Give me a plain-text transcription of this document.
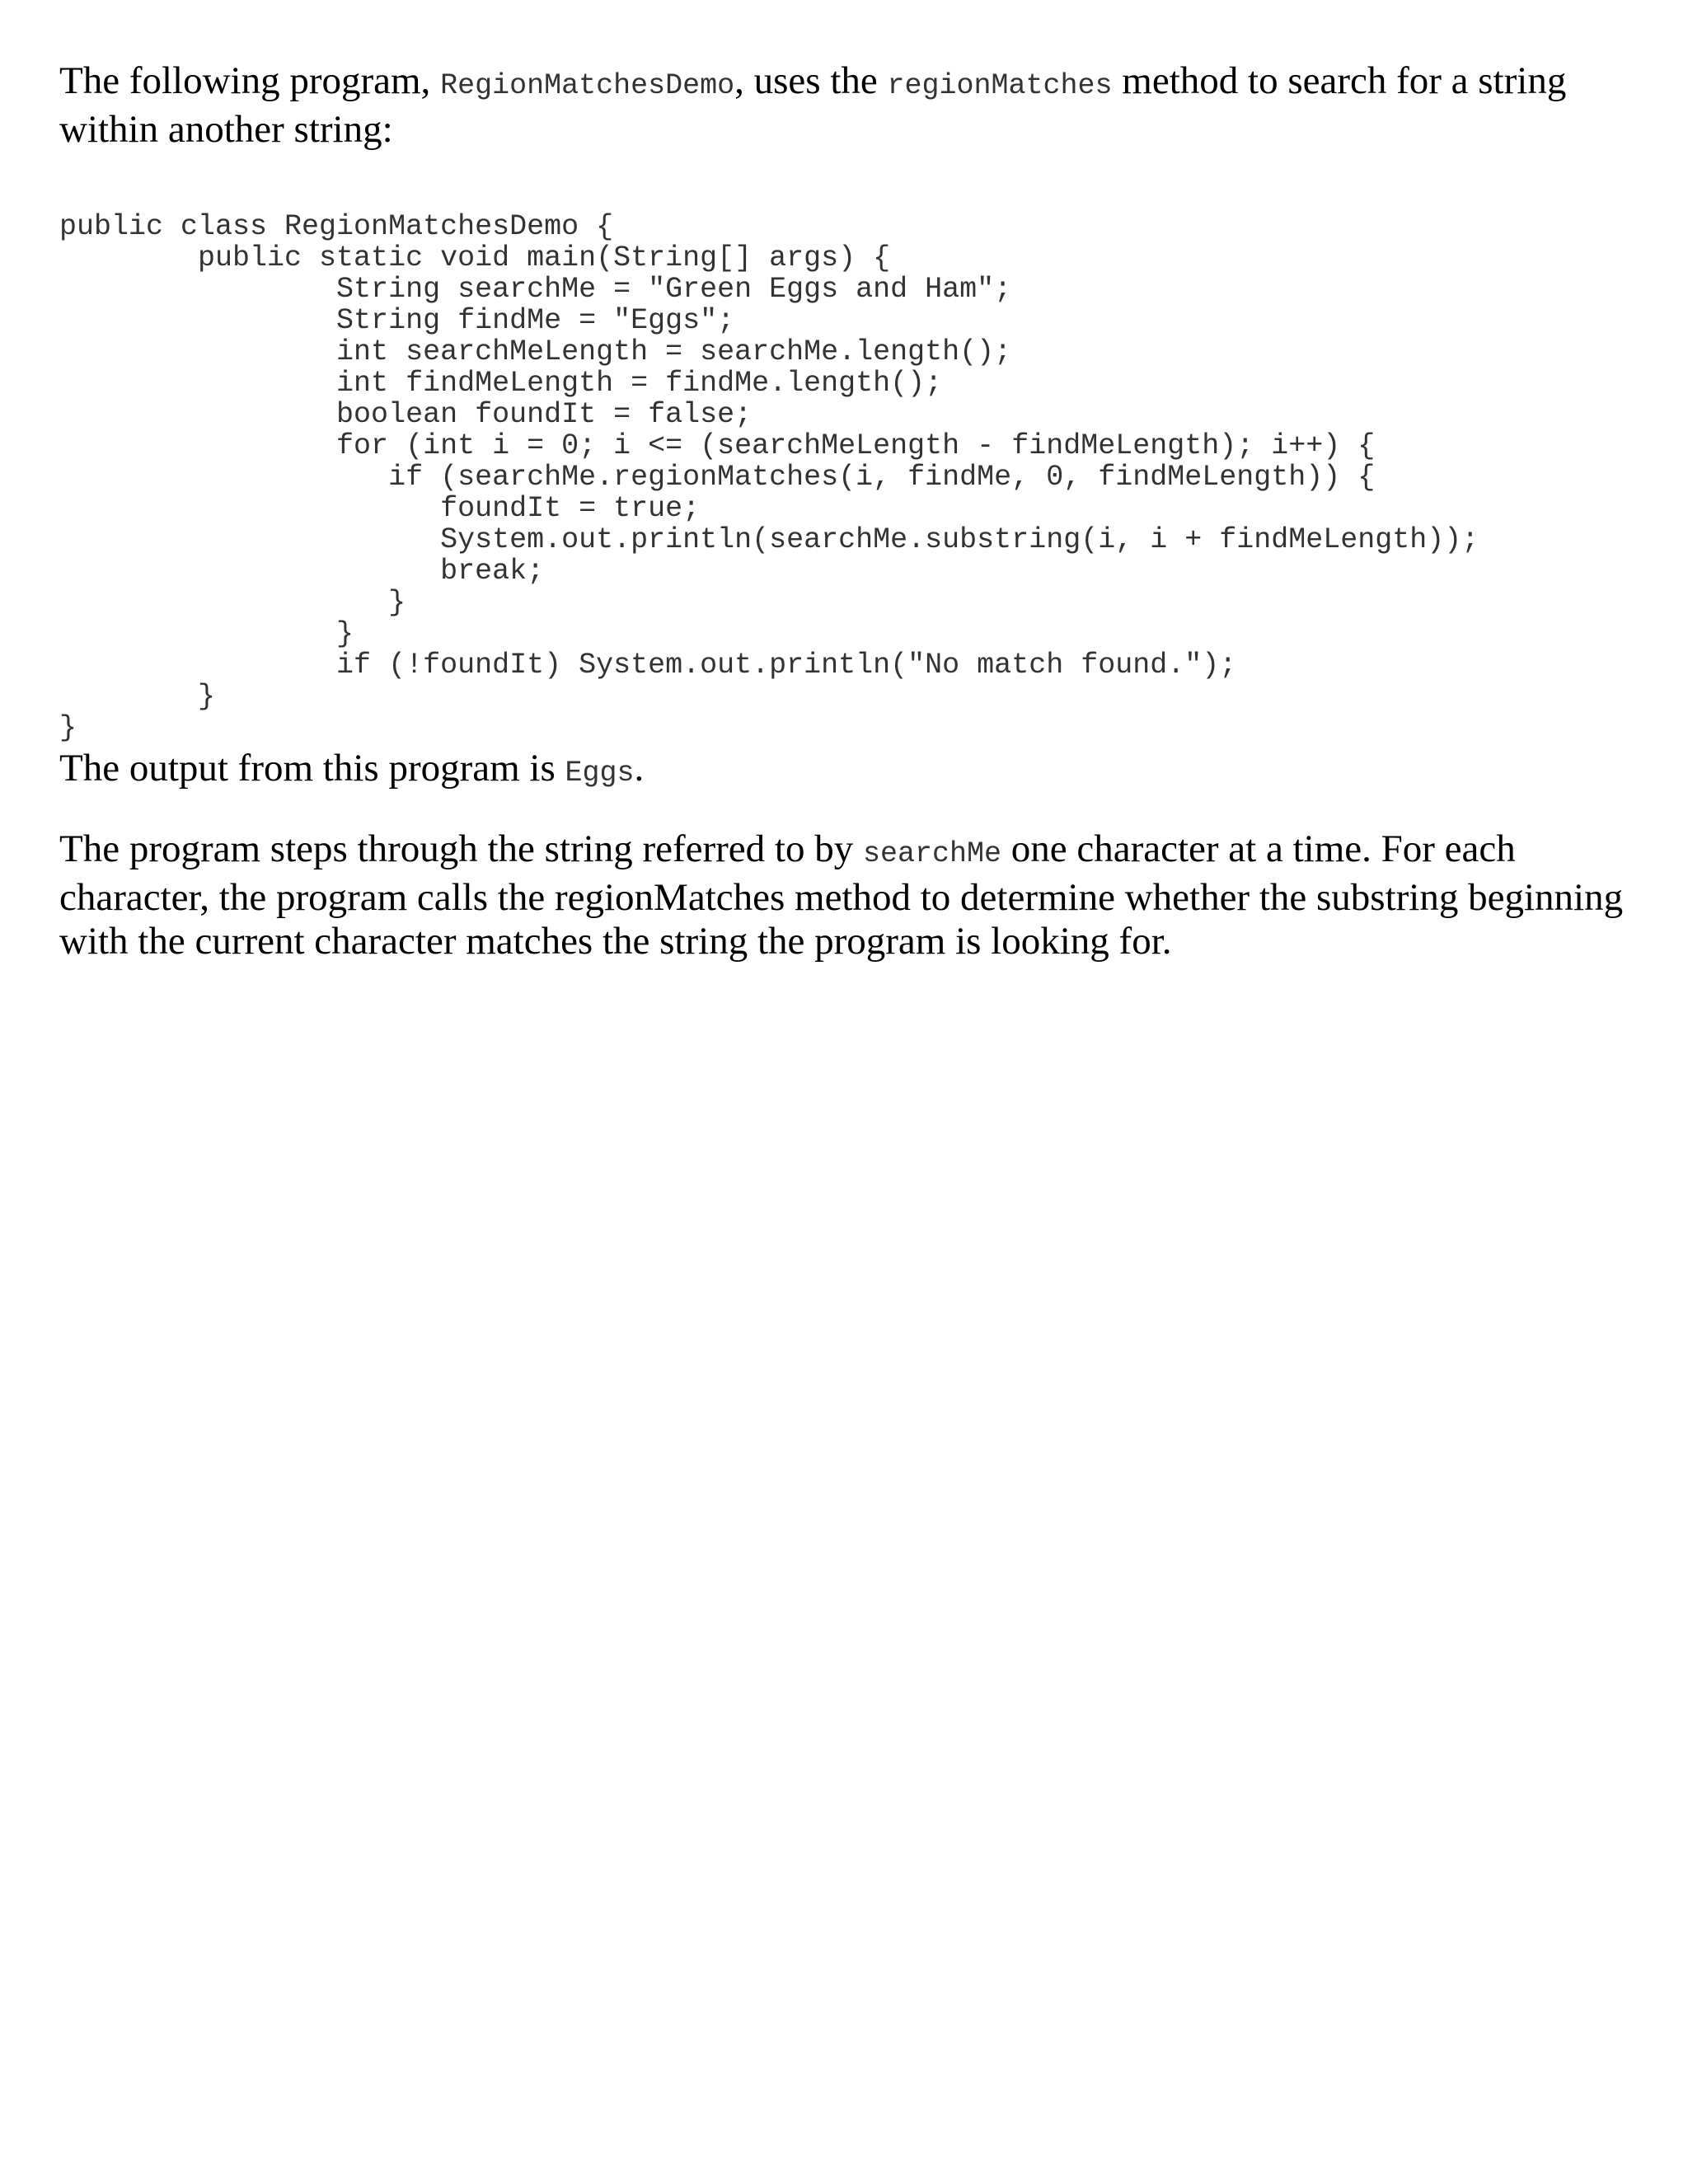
The following program, RegionMatchesDemo, uses the regionMatches method to search for a string within another string:

public class RegionMatchesDemo {
public static void main(String[] args) {
String searchMe = "Green Eggs and Ham";
String findMe = "Eggs";
int searchMeLength = searchMe.length();
int findMeLength = findMe.length();
boolean foundIt = false;
for (int i = 0; i <= (searchMeLength - findMeLength); i++) {
if (searchMe.regionMatches(i, findMe, 0, findMeLength)) {
foundIt = true;
System.out.println(searchMe.substring(i, i + findMeLength));
break;
}
}
if (!foundIt) System.out.println("No match found.");
}
}

The output from this program is Eggs.

The program steps through the string referred to by searchMe one character at a time. For each character, the program calls the regionMatches method to determine whether the substring beginning with the current character matches the string the program is looking for.
